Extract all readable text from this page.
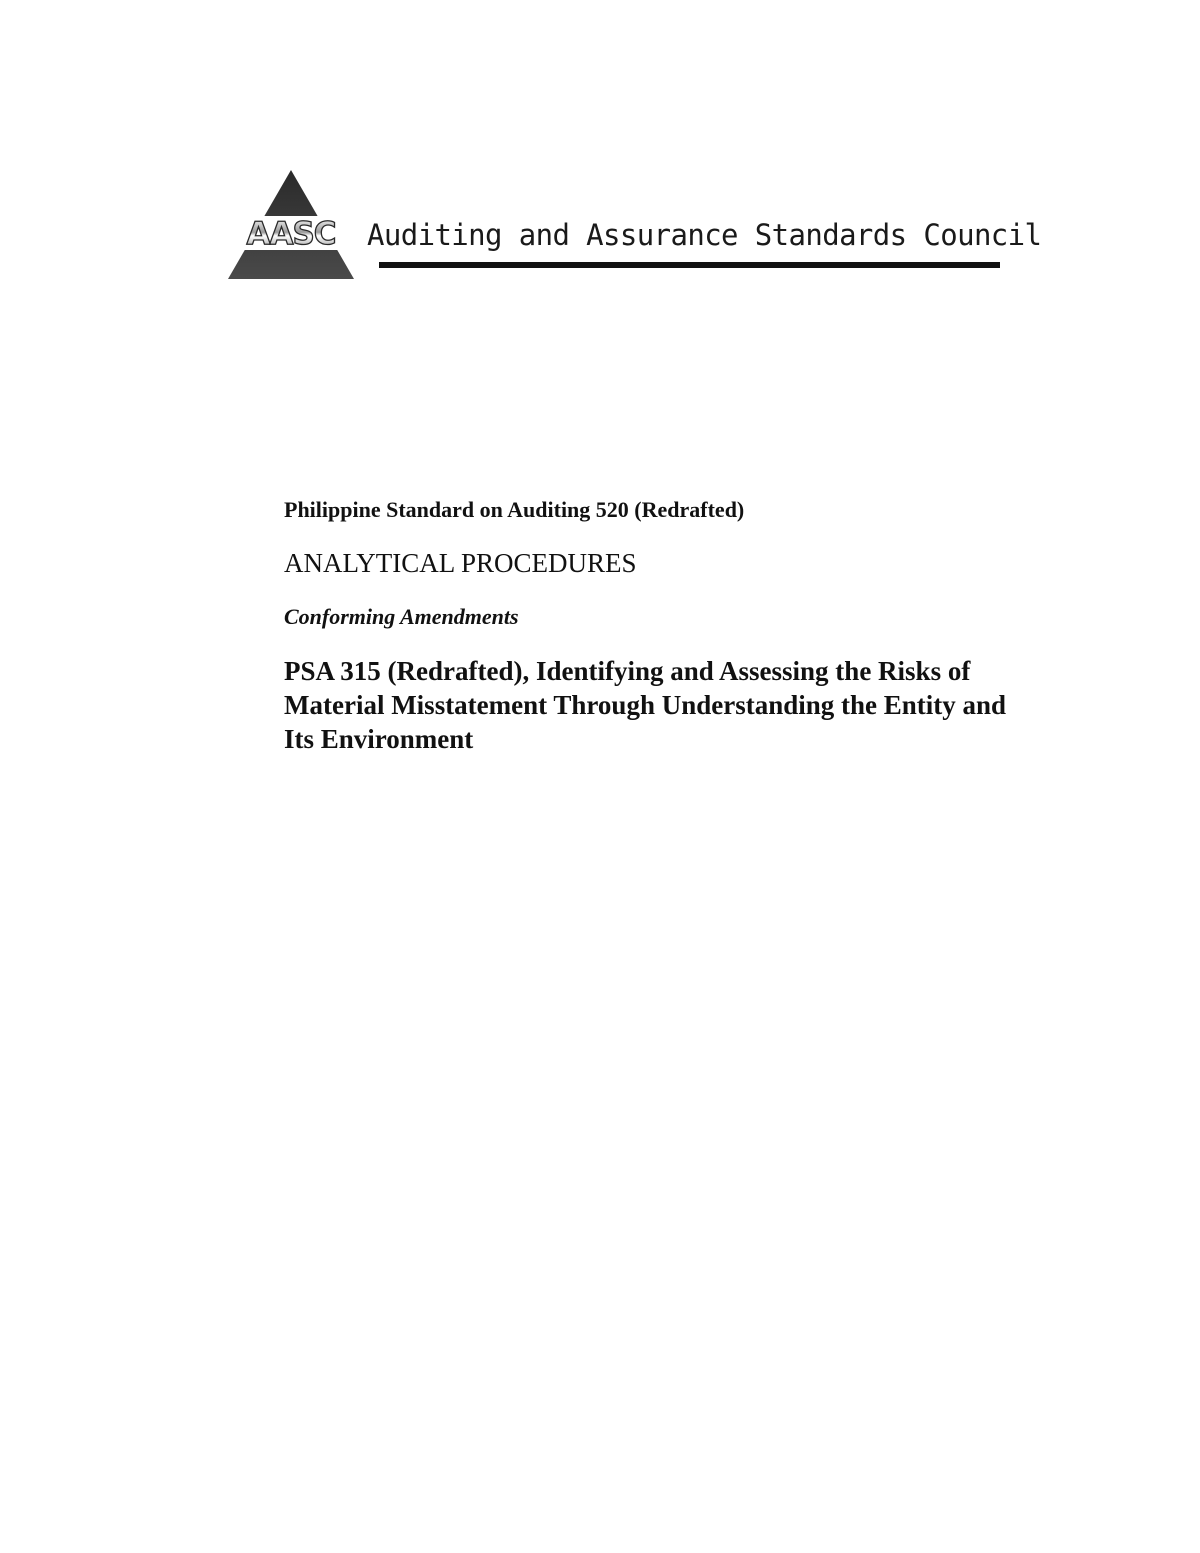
AASC Auditing and Assurance Standards Council

Philippine Standard on Auditing 520 (Redrafted)

ANALYTICAL PROCEDURES

Conforming Amendments

PSA 315 (Redrafted), Identifying and Assessing the Risks of Material Misstatement Through Understanding the Entity and Its Environment
